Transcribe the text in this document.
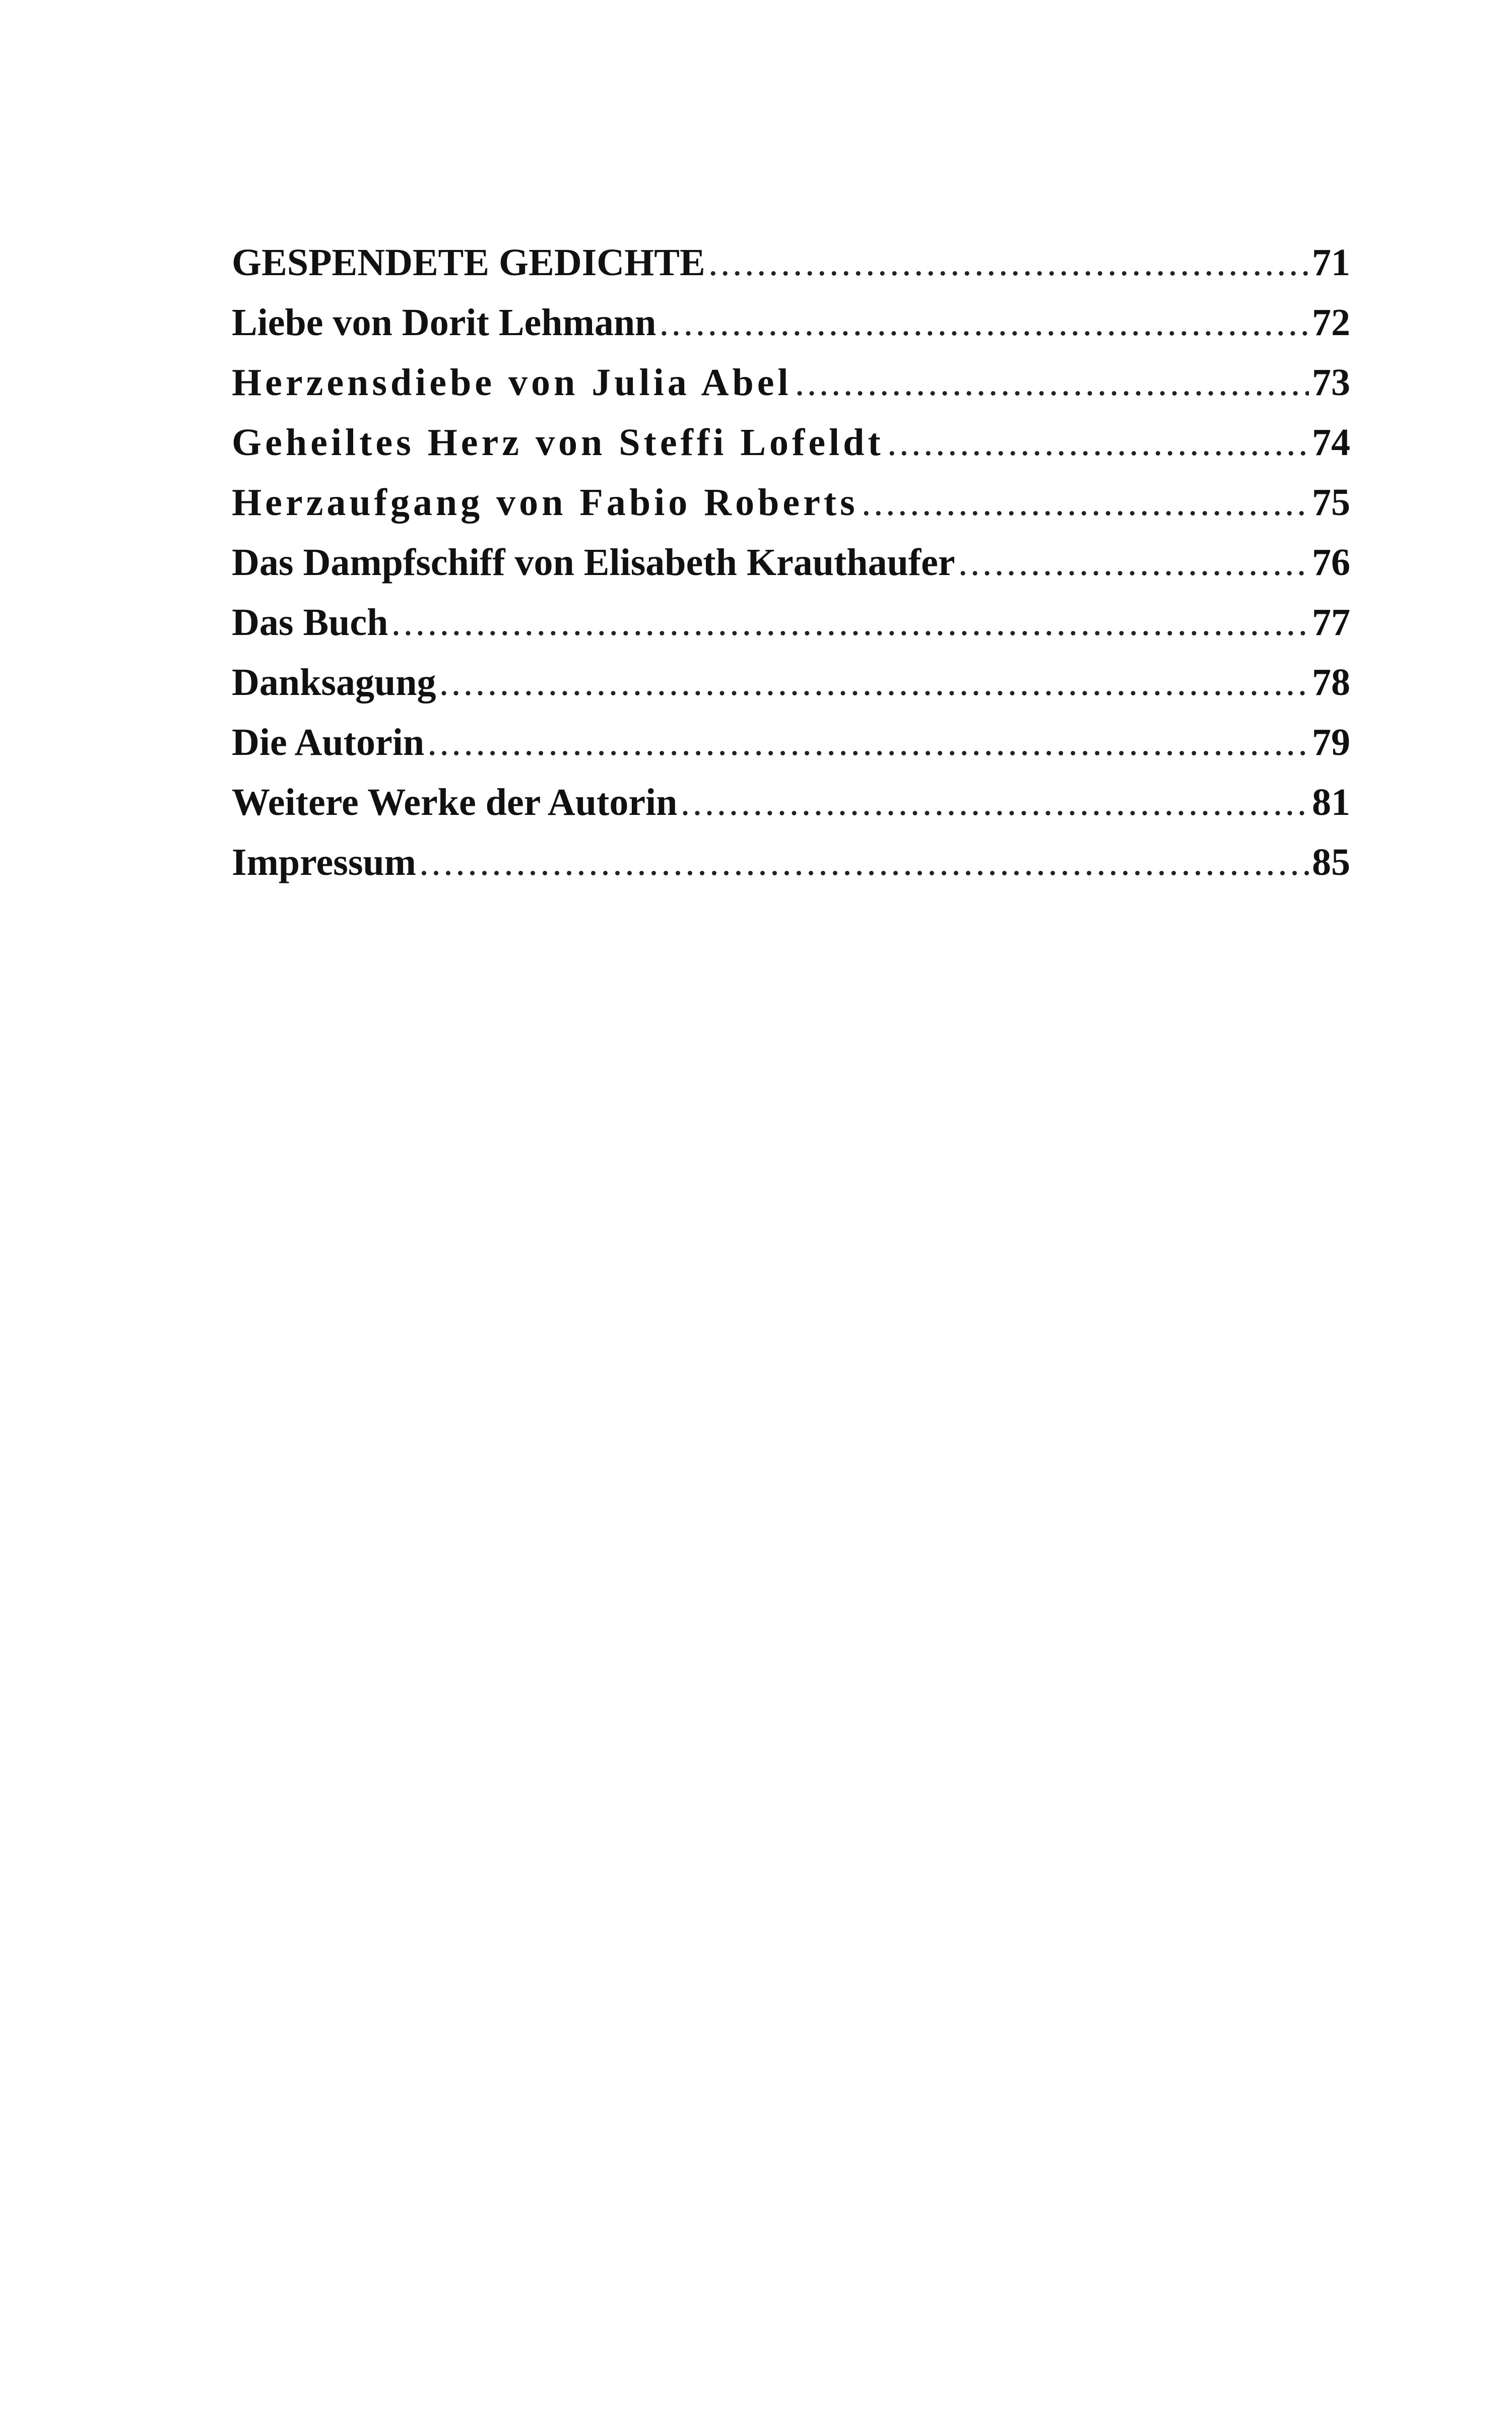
GESPENDETE GEDICHTE .....	71
Liebe von Dorit Lehmann .....	72
Herzensdiebe von Julia Abel .....	73
Geheiltes Herz von Steffi Lofeldt .....	74
Herzaufgang von Fabio Roberts .....	75
Das Dampfschiff von Elisabeth Krauthaufer .....	76
Das Buch .....	77
Danksagung .....	78
Die Autorin .....	79
Weitere Werke der Autorin .....	81
Impressum .....	85
